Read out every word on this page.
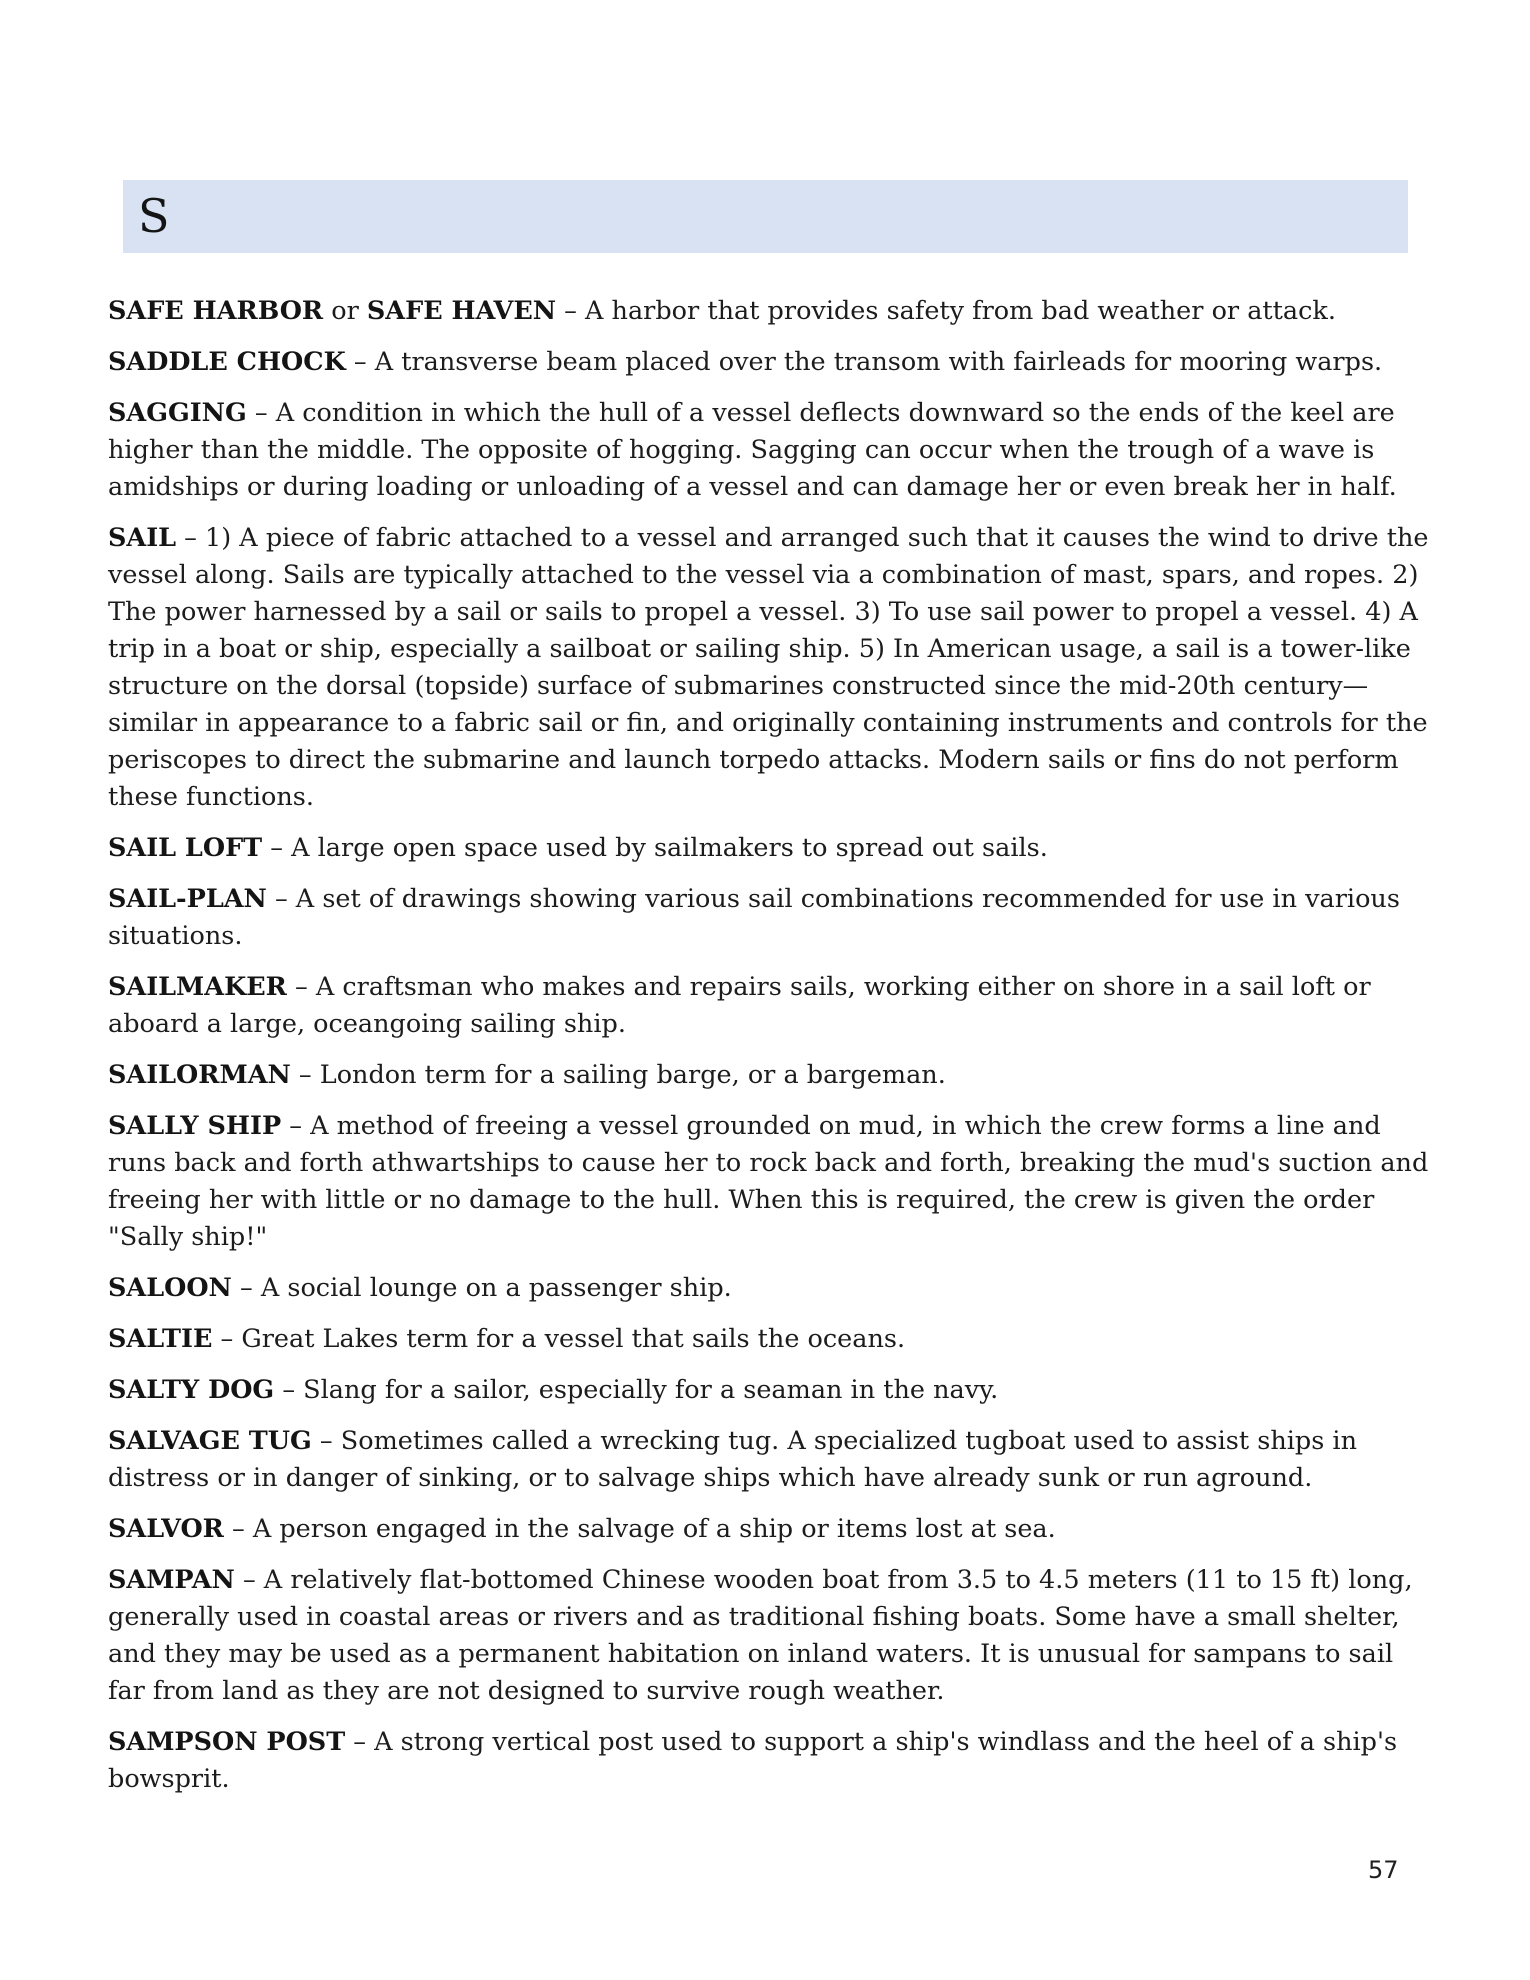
S

SAFE HARBOR or SAFE HAVEN – A harbor that provides safety from bad weather or attack.

SADDLE CHOCK – A transverse beam placed over the transom with fairleads for mooring warps.

SAGGING – A condition in which the hull of a vessel deflects downward so the ends of the keel are higher than the middle. The opposite of hogging. Sagging can occur when the trough of a wave is amidships or during loading or unloading of a vessel and can damage her or even break her in half.

SAIL – 1) A piece of fabric attached to a vessel and arranged such that it causes the wind to drive the vessel along. Sails are typically attached to the vessel via a combination of mast, spars, and ropes. 2) The power harnessed by a sail or sails to propel a vessel. 3) To use sail power to propel a vessel. 4) A trip in a boat or ship, especially a sailboat or sailing ship. 5) In American usage, a sail is a tower-like structure on the dorsal (topside) surface of submarines constructed since the mid-20th century—similar in appearance to a fabric sail or fin, and originally containing instruments and controls for the periscopes to direct the submarine and launch torpedo attacks. Modern sails or fins do not perform these functions.

SAIL LOFT – A large open space used by sailmakers to spread out sails.

SAIL-PLAN – A set of drawings showing various sail combinations recommended for use in various situations.

SAILMAKER – A craftsman who makes and repairs sails, working either on shore in a sail loft or aboard a large, oceangoing sailing ship.

SAILORMAN – London term for a sailing barge, or a bargeman.

SALLY SHIP – A method of freeing a vessel grounded on mud, in which the crew forms a line and runs back and forth athwartships to cause her to rock back and forth, breaking the mud's suction and freeing her with little or no damage to the hull. When this is required, the crew is given the order "Sally ship!"

SALOON – A social lounge on a passenger ship.

SALTIE – Great Lakes term for a vessel that sails the oceans.

SALTY DOG – Slang for a sailor, especially for a seaman in the navy.

SALVAGE TUG – Sometimes called a wrecking tug. A specialized tugboat used to assist ships in distress or in danger of sinking, or to salvage ships which have already sunk or run aground.

SALVOR – A person engaged in the salvage of a ship or items lost at sea.

SAMPAN – A relatively flat-bottomed Chinese wooden boat from 3.5 to 4.5 meters (11 to 15 ft) long, generally used in coastal areas or rivers and as traditional fishing boats. Some have a small shelter, and they may be used as a permanent habitation on inland waters. It is unusual for sampans to sail far from land as they are not designed to survive rough weather.

SAMPSON POST – A strong vertical post used to support a ship's windlass and the heel of a ship's bowsprit.

57
